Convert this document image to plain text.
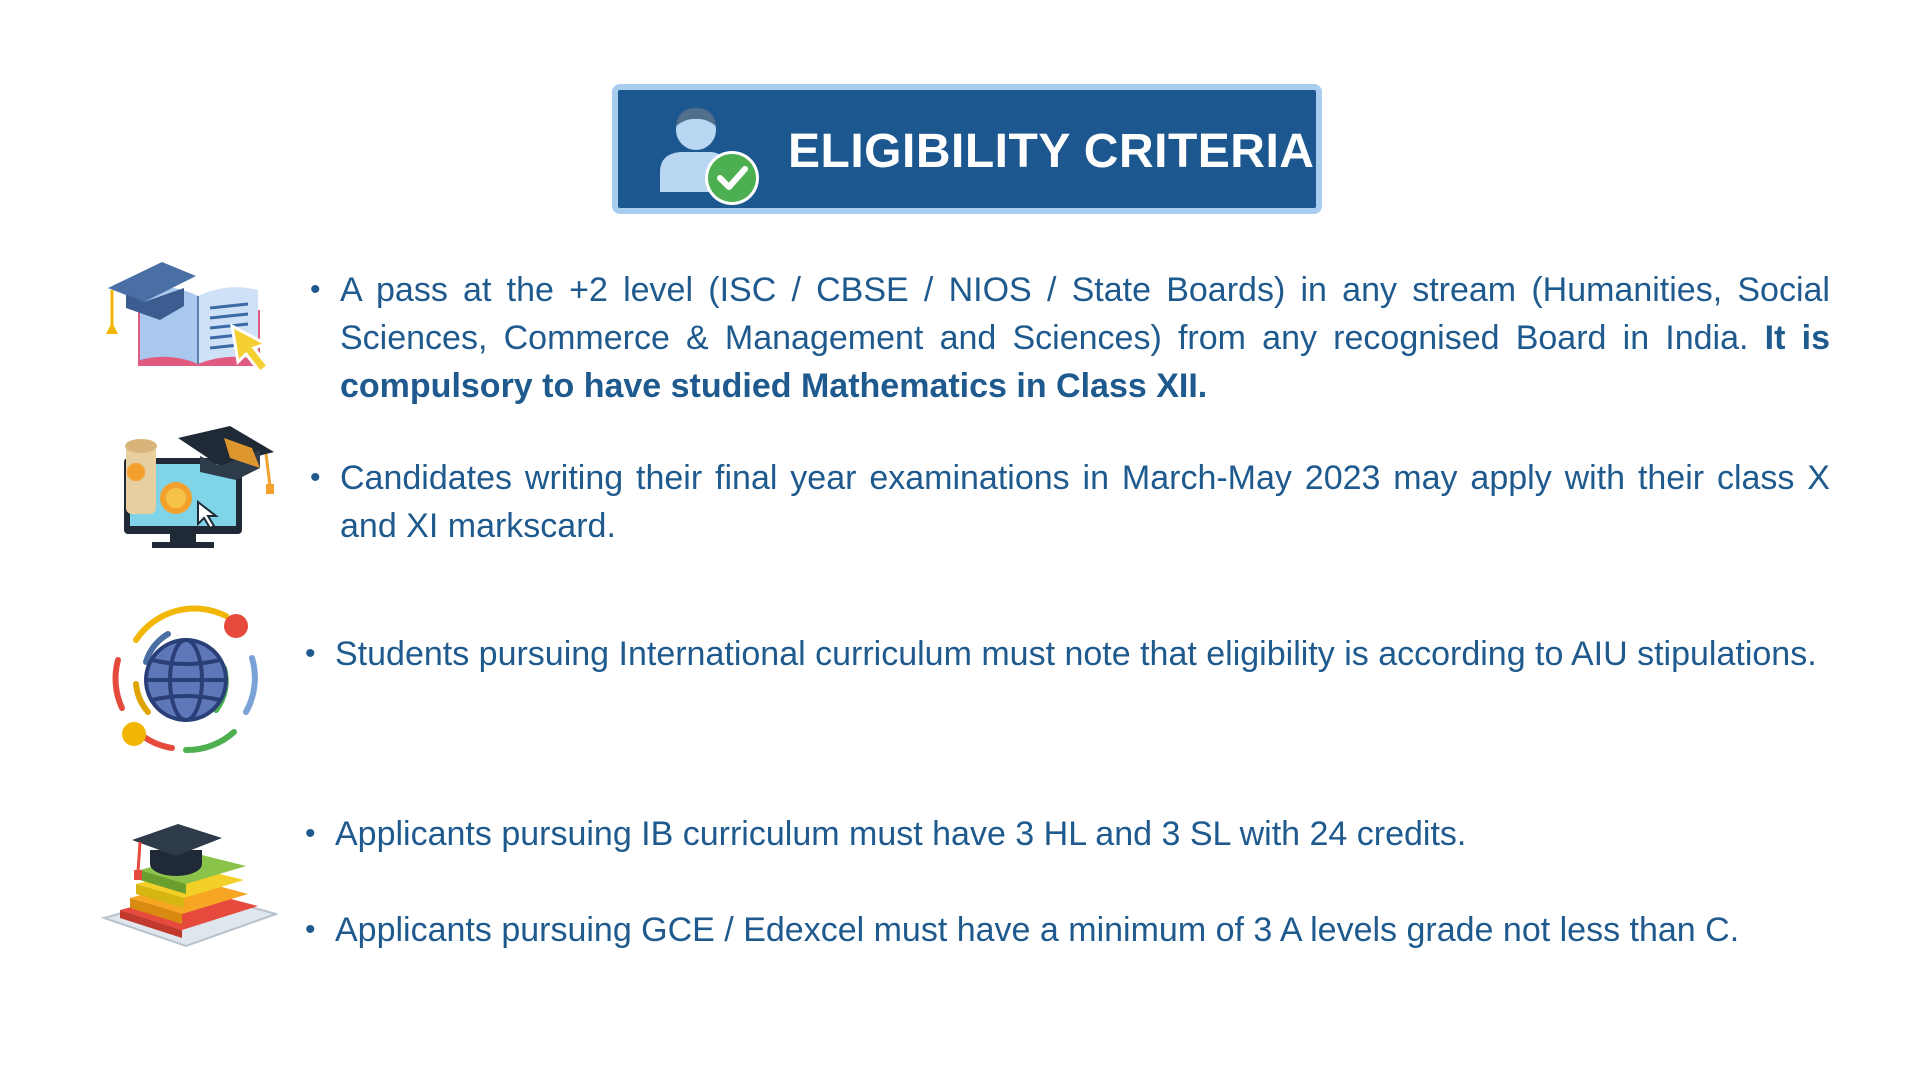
ELIGIBILITY CRITERIA
• A pass at the +2 level (ISC / CBSE / NIOS / State Boards) in any stream (Humanities, Social Sciences, Commerce & Management and Sciences) from any recognised Board in India. It is compulsory to have studied Mathematics in Class XII.
• Candidates writing their final year examinations in March-May 2023 may apply with their class X and XI markscard.
• Students pursuing International curriculum must note that eligibility is according to AIU stipulations.
• Applicants pursuing IB curriculum must have 3 HL and 3 SL with 24 credits.
• Applicants pursuing GCE / Edexcel must have a minimum of 3 A levels grade not less than C.
